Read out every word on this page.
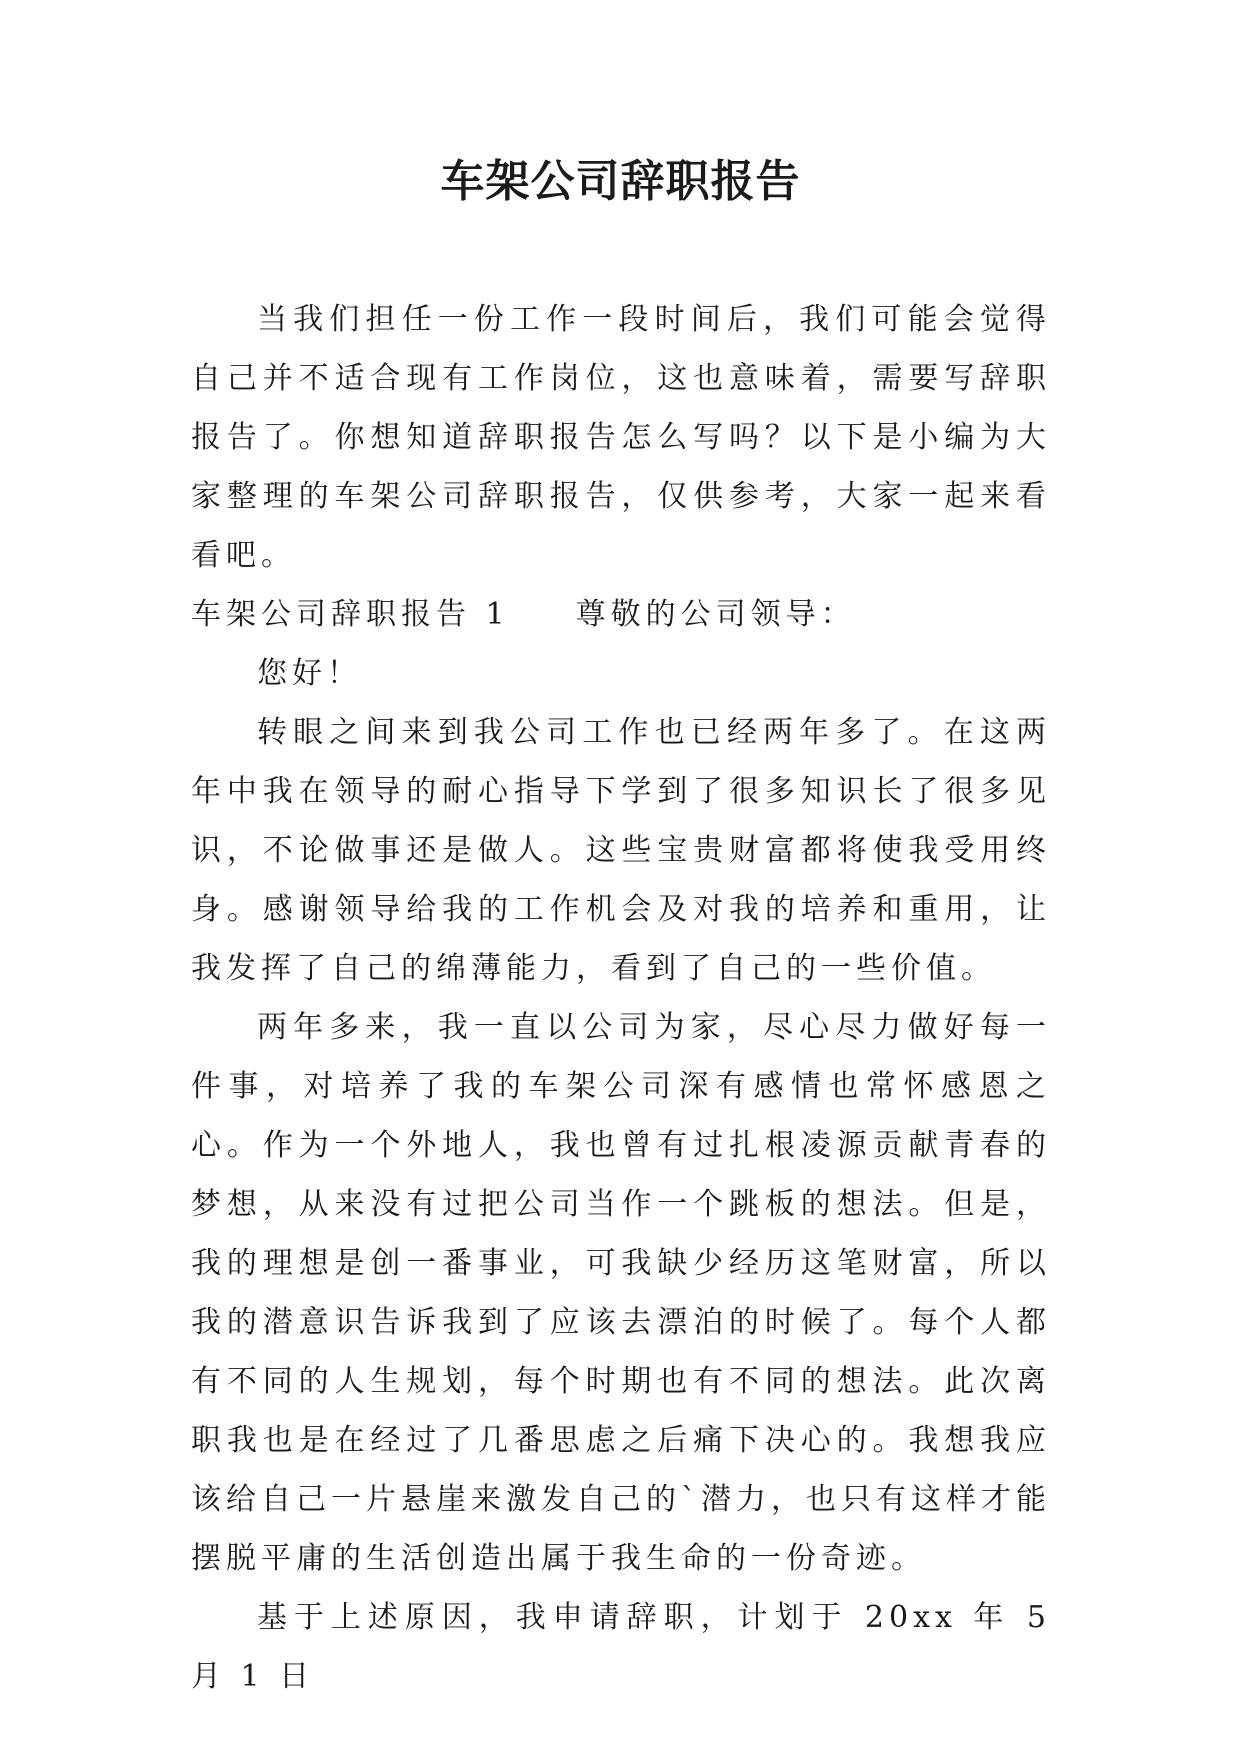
车架公司辞职报告

当我们担任一份工作一段时间后，我们可能会觉得自己并不适合现有工作岗位，这也意味着，需要写辞职报告了。你想知道辞职报告怎么写吗？以下是小编为大家整理的车架公司辞职报告，仅供参考，大家一起来看看吧。

车架公司辞职报告 1 尊敬的公司领导：

您好！

转眼之间来到我公司工作也已经两年多了。在这两年中我在领导的耐心指导下学到了很多知识长了很多见识，不论做事还是做人。这些宝贵财富都将使我受用终身。感谢领导给我的工作机会及对我的培养和重用，让我发挥了自己的绵薄能力，看到了自己的一些价值。

两年多来，我一直以公司为家，尽心尽力做好每一件事，对培养了我的车架公司深有感情也常怀感恩之心。作为一个外地人，我也曾有过扎根凌源贡献青春的梦想，从来没有过把公司当作一个跳板的想法。但是，我的理想是创一番事业，可我缺少经历这笔财富，所以我的潜意识告诉我到了应该去漂泊的时候了。每个人都有不同的人生规划，每个时期也有不同的想法。此次离职我也是在经过了几番思虑之后痛下决心的。我想我应该给自己一片悬崖来激发自己的`潜力，也只有这样才能摆脱平庸的生活创造出属于我生命的一份奇迹。

基于上述原因，我申请辞职，计划于 20xx 年 5 月 1 日
